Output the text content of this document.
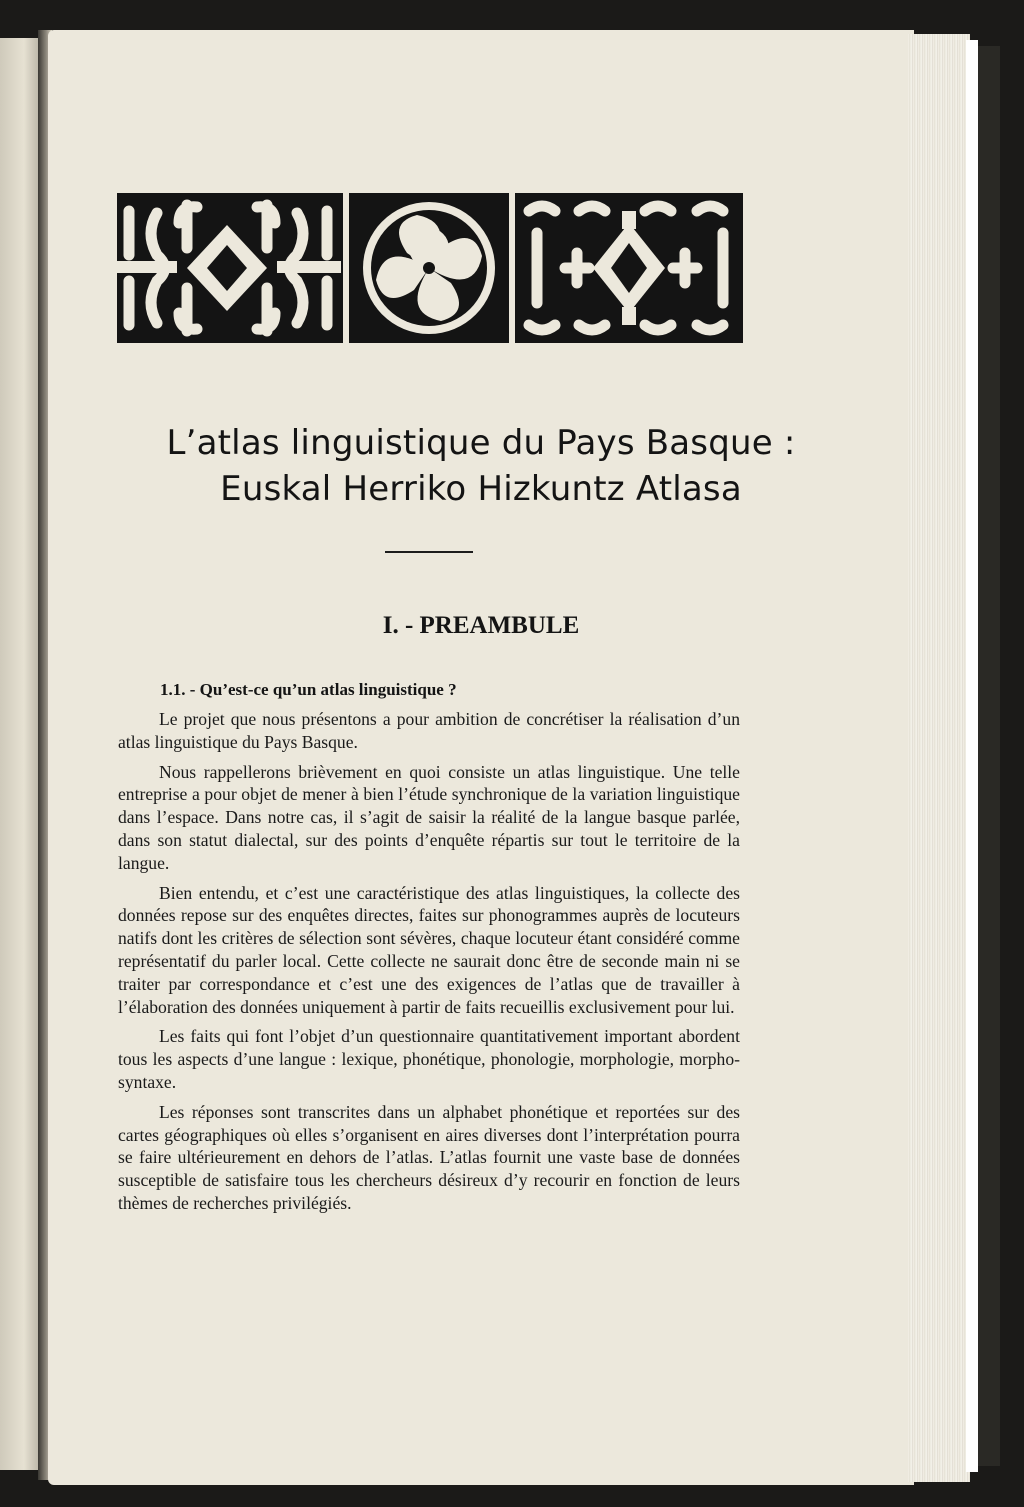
L’atlas linguistique du Pays Basque :
Euskal Herriko Hizkuntz Atlasa
I. - PREAMBULE
1.1. - Qu’est-ce qu’un atlas linguistique ?

Le projet que nous présentons a pour ambition de concrétiser la réalisation d’un atlas linguistique du Pays Basque.

Nous rappellerons brièvement en quoi consiste un atlas linguistique. Une telle entreprise a pour objet de mener à bien l’étude synchronique de la variation linguistique dans l’espace. Dans notre cas, il s’agit de saisir la réalité de la langue basque parlée, dans son statut dialectal, sur des points d’enquête répartis sur tout le territoire de la langue.

Bien entendu, et c’est une caractéristique des atlas linguistiques, la collecte des données repose sur des enquêtes directes, faites sur phonogrammes auprès de locuteurs natifs dont les critères de sélection sont sévères, chaque locuteur étant considéré comme représentatif du parler local. Cette collecte ne saurait donc être de seconde main ni se traiter par correspondance et c’est une des exigences de l’atlas que de travailler à l’élaboration des données uniquement à partir de faits recueillis exclusivement pour lui.

Les faits qui font l’objet d’un questionnaire quantitativement important abordent tous les aspects d’une langue : lexique, phonétique, phonologie, morphologie, morpho-syntaxe.

Les réponses sont transcrites dans un alphabet phonétique et reportées sur des cartes géographiques où elles s’organisent en aires diverses dont l’interprétation pourra se faire ultérieurement en dehors de l’atlas. L’atlas fournit une vaste base de données susceptible de satisfaire tous les chercheurs désireux d’y recourir en fonction de leurs thèmes de recherches privilégiés.
